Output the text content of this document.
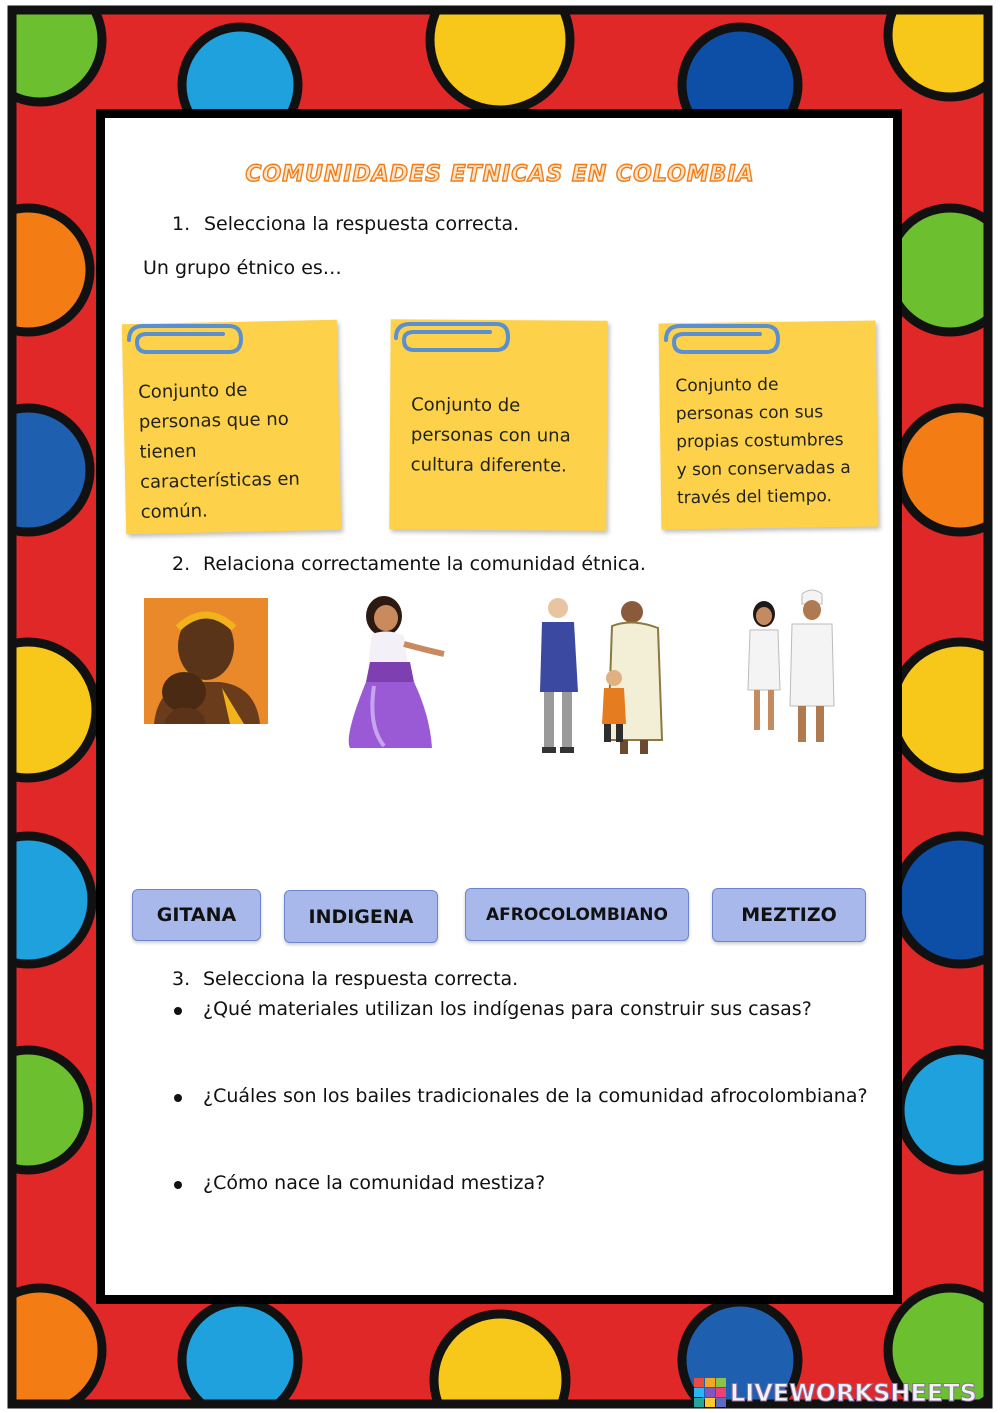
COMUNIDADES ETNICAS EN COLOMBIA
1. Selecciona la respuesta correcta.
Un grupo étnico es…
Conjunto de
personas que no
tienen
características en
común.
Conjunto de
personas con una
cultura diferente.
Conjunto de
personas con sus
propias costumbres
y son conservadas a
través del tiempo.
2. Relaciona correctamente la comunidad étnica.
GITANA	INDIGENA	AFROCOLOMBIANO	MEZTIZO
3. Selecciona la respuesta correcta.
¿Qué materiales utilizan los indígenas para construir sus casas?
¿Cuáles son los bailes tradicionales de la comunidad afrocolombiana?
¿Cómo nace la comunidad mestiza?
LIVEWORKSHEETS
